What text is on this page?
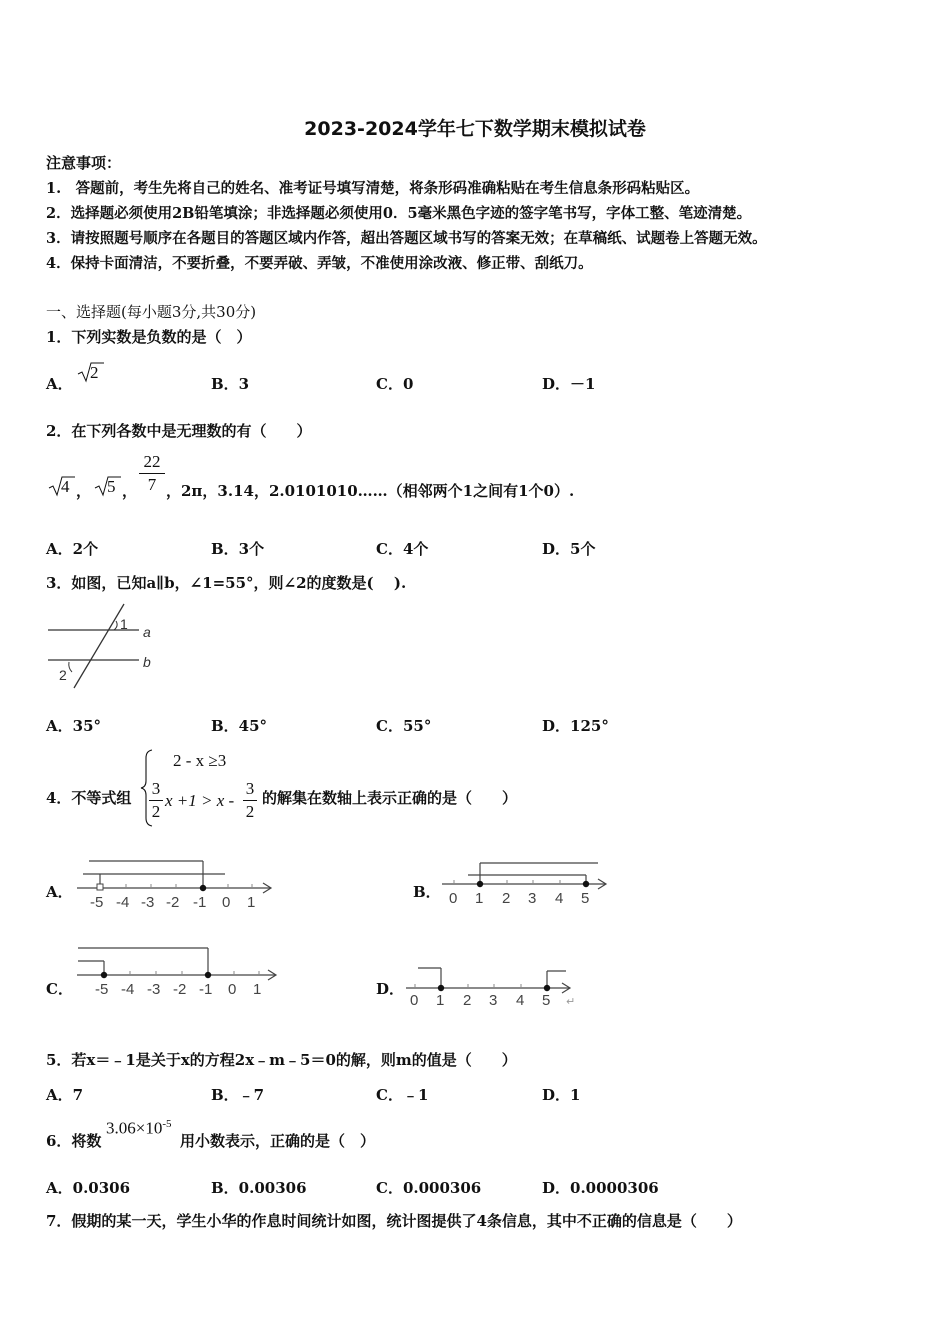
2023-2024学年七下数学期末模拟试卷
注意事项：
1.　答题前，考生先将自己的姓名、准考证号填写清楚，将条形码准确粘贴在考生信息条形码粘贴区。
2．选择题必须使用2B铅笔填涂；非选择题必须使用0．5毫米黑色字迹的签字笔书写，字体工整、笔迹清楚。
3．请按照题号顺序在各题目的答题区域内作答，超出答题区域书写的答案无效；在草稿纸、试题卷上答题无效。
4．保持卡面清洁，不要折叠，不要弄破、弄皱，不准使用涂改液、修正带、刮纸刀。
一、选择题(每小题3分,共30分)
1．下列实数是负数的是（　）
A．
2
B．3	C．0	D．－1
2．在下列各数中是无理数的有（　　）
4 ， 5 ，
22
7 ，2π，3.14，2.0101010……（相邻两个1之间有1个0）.
A．2个	B．3个	C．4个	D．5个
3．如图，已知a∥b，∠1=55°，则∠2的度数是(　 ).
1
2
a
b
A．35°	B．45°	C．55°	D．125°
4．不等式组
2 - x ≥3
3
2
x +1 > x -
3
2
的解集在数轴上表示正确的是（　　）
A．
-5 -4 -3 -2 -1 0 1
B． 0 1 2 3 4 5
C． -5 -4 -3 -2 -1 0 1	D．
0 1 2 3 4 5 ↵
5．若x＝﹣1是关于x的方程2x﹣m﹣5＝0的解，则m的值是（　　）
A．7	B．﹣7	C．﹣1	D．1
6．将数
$3.06\times 10^{-5}$
用小数表示，正确的是（　）
A．0.0306	B．0.00306	C．0.000306	D．0.0000306
7．假期的某一天，学生小华的作息时间统计如图，统计图提供了4条信息，其中不正确的信息是（　　）
